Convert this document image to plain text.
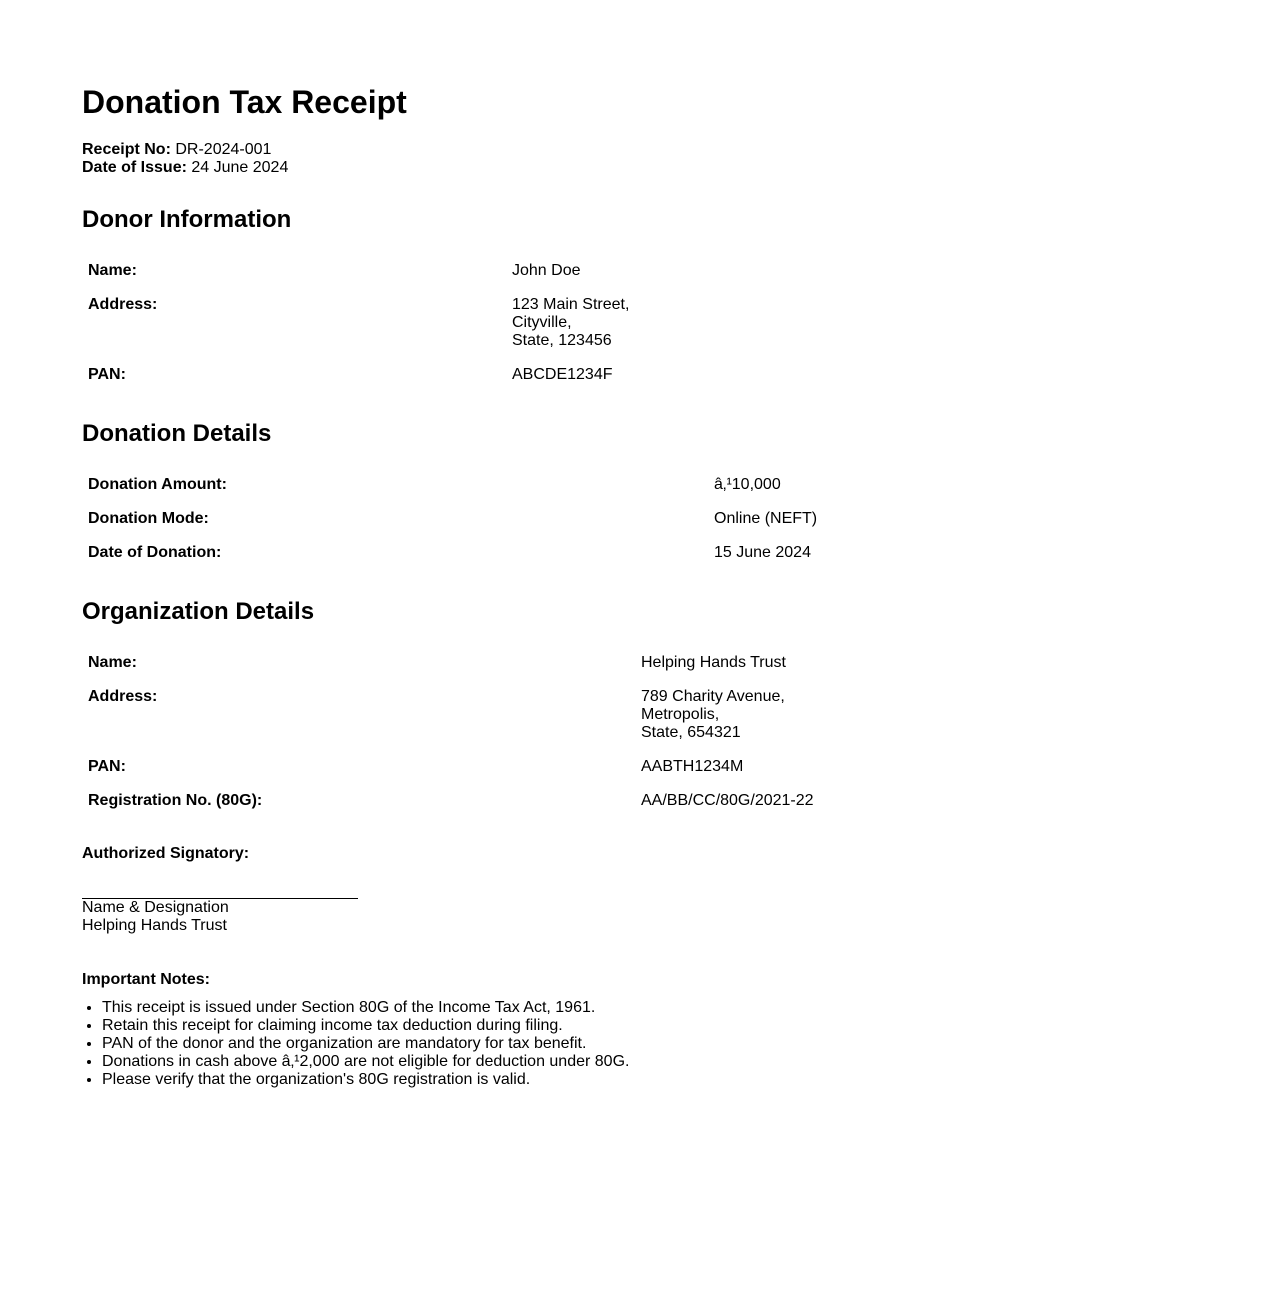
Donation Tax Receipt
Receipt No: DR-2024-001
Date of Issue: 24 June 2024
Donor Information
Name:	John Doe
Address:	123 Main Street,
Cityville,
State, 123456

PAN:	ABCDE1234F
Donation Details
Donation Amount:	â‚¹10,000
Donation Mode:	Online (NEFT)
Date of Donation:	15 June 2024
Organization Details
Name:	Helping Hands Trust
Address:	789 Charity Avenue,
Metropolis,
State, 654321

PAN:	AABTH1234M
Registration No. (80G):	AA/BB/CC/80G/2021-22
Authorized Signatory:
Name & Designation
Helping Hands Trust
Important Notes:
• This receipt is issued under Section 80G of the Income Tax Act, 1961.
• Retain this receipt for claiming income tax deduction during filing.
• PAN of the donor and the organization are mandatory for tax benefit.
• Donations in cash above â‚¹2,000 are not eligible for deduction under 80G.
• Please verify that the organization's 80G registration is valid.
